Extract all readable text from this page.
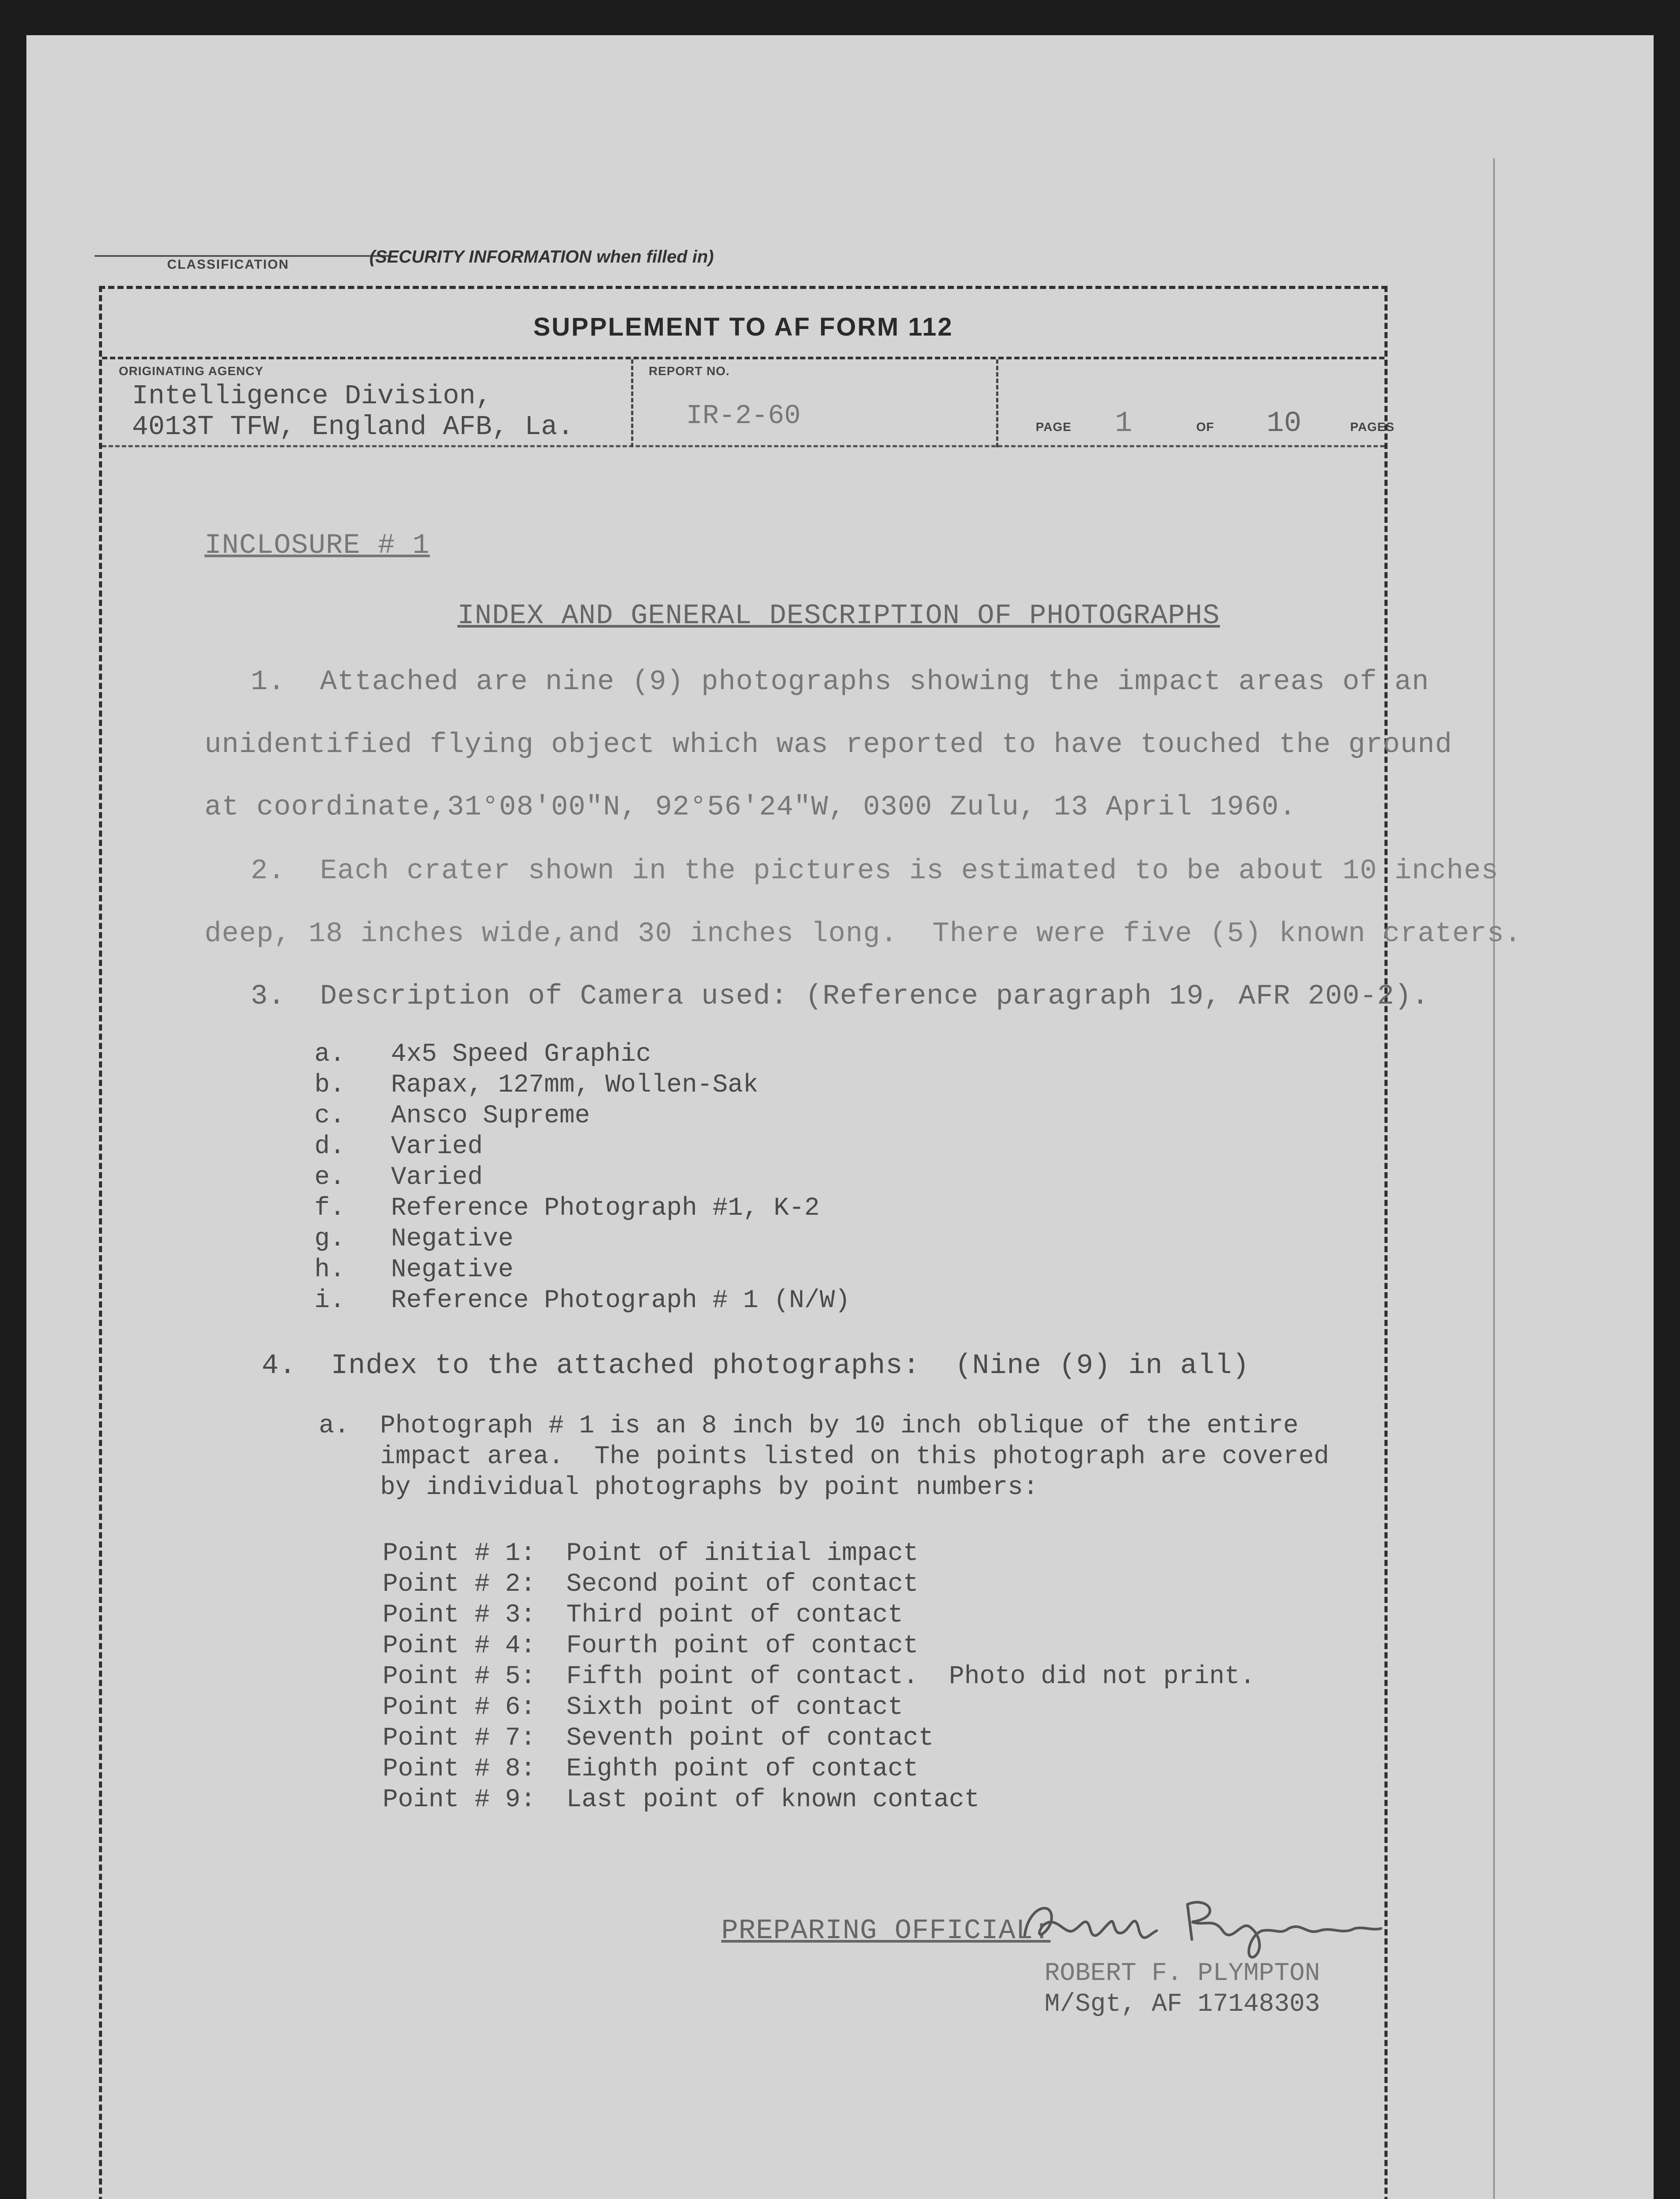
CLASSIFICATION	(SECURITY INFORMATION when filled in)
SUPPLEMENT TO AF FORM 112
ORIGINATING AGENCY
Intelligence Division,
4013T TFW, England AFB, La.
REPORT NO.
IR-2-60	PAGE 1	OF 10	PAGES
INCLOSURE # 1
INDEX AND GENERAL DESCRIPTION OF PHOTOGRAPHS
1.  Attached are nine (9) photographs showing the impact areas of an
unidentified flying object which was reported to have touched the ground
at coordinate,31°08'00"N, 92°56'24"W, 0300 Zulu, 13 April 1960.
2.  Each crater shown in the pictures is estimated to be about 10 inches
deep, 18 inches wide,and 30 inches long.  There were five (5) known craters.
3.  Description of Camera used: (Reference paragraph 19, AFR 200-2).
a.   4x5 Speed Graphic
b.   Rapax, 127mm, Wollen-Sak
c.   Ansco Supreme
d.   Varied
e.   Varied
f.   Reference Photograph #1, K-2
g.   Negative
h.   Negative
i.   Reference Photograph # 1 (N/W)
4.  Index to the attached photographs:  (Nine (9) in all)
a.  Photograph # 1 is an 8 inch by 10 inch oblique of the entire
impact area.  The points listed on this photograph are covered
by individual photographs by point numbers:
Point # 1:  Point of initial impact
Point # 2:  Second point of contact
Point # 3:  Third point of contact
Point # 4:  Fourth point of contact
Point # 5:  Fifth point of contact.  Photo did not print.
Point # 6:  Sixth point of contact
Point # 7:  Seventh point of contact
Point # 8:  Eighth point of contact
Point # 9:  Last point of known contact
PREPARING OFFICIAL:
ROBERT F. PLYMPTON
M/Sgt, AF 17148303
